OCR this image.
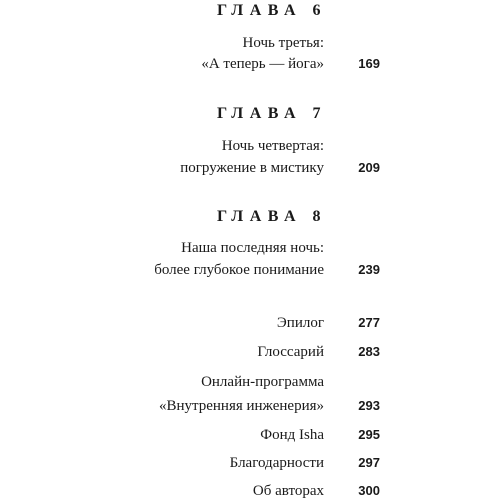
ГЛАВА 6
Ночь третья:
«А теперь — йога»	169
ГЛАВА 7
Ночь четвертая:
погружение в мистику	209
ГЛАВА 8
Наша последняя ночь:
более глубокое понимание	239
Эпилог	277
Глоссарий	283
Онлайн-программа
«Внутренняя инженерия»	293
Фонд Isha	295
Благодарности	297
Об авторах	300
